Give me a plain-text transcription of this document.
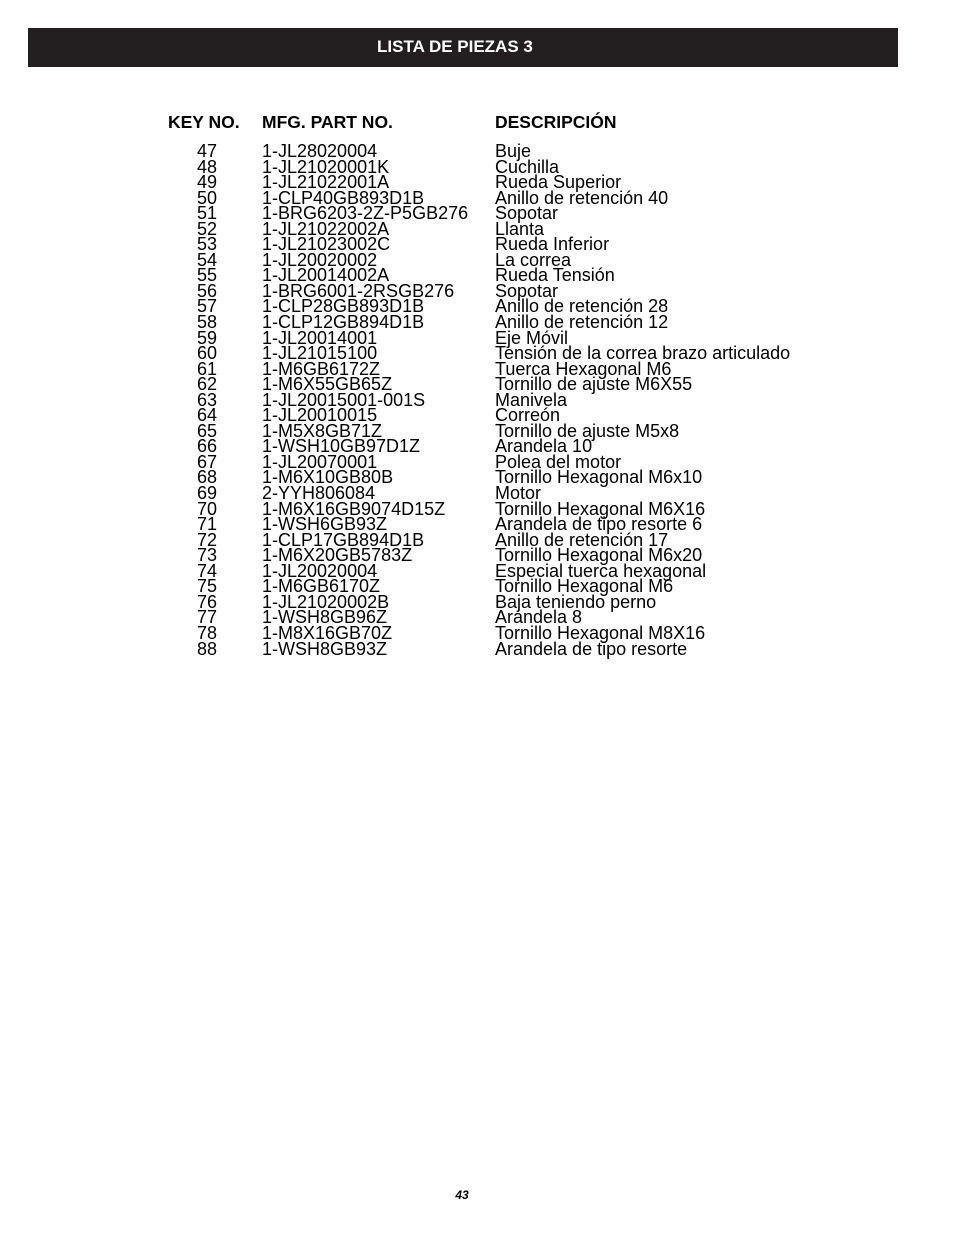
LISTA DE PIEZAS 3
KEY NO. MFG. PART NO.	DESCRIPCIÓN
47	1-JL28020004	Buje
48	1-JL21020001K	Cuchilla
49	1-JL21022001A	Rueda Superior
50	1-CLP40GB893D1B	Anillo de retención 40
51	1-BRG6203-2Z-P5GB276 Sopotar
52	1-JL21022002A	Llanta
53	1-JL21023002C	Rueda Inferior
54	1-JL20020002	La correa
55	1-JL20014002A	Rueda Tensión
56	1-BRG6001-2RSGB276 Sopotar
57	1-CLP28GB893D1B	Anillo de retención 28
58	1-CLP12GB894D1B	Anillo de retención 12
59	1-JL20014001	Eje Móvil
60	1-JL21015100	Tensión de la correa brazo articulado
61	1-M6GB6172Z	Tuerca Hexagonal M6
62	1-M6X55GB65Z	Tornillo de ajuste M6X55
63	1-JL20015001-001S	Manivela
64	1-JL20010015	Correón
65	1-M5X8GB71Z	Tornillo de ajuste M5x8
66	1-WSH10GB97D1Z	Arandela 10
67	1-JL20070001	Polea del motor
68	1-M6X10GB80B	Tornillo Hexagonal M6x10
69	2-YYH806084	Motor
70	1-M6X16GB9074D15Z	Tornillo Hexagonal M6X16
71	1-WSH6GB93Z	Arandela de tipo resorte 6
72	1-CLP17GB894D1B	Anillo de retención 17
73	1-M6X20GB5783Z	Tornillo Hexagonal M6x20
74	1-JL20020004	Especial tuerca hexagonal
75	1-M6GB6170Z	Tornillo Hexagonal M6
76	1-JL21020002B	Baja teniendo perno
77	1-WSH8GB96Z	Arandela 8
78	1-M8X16GB70Z	Tornillo Hexagonal M8X16
88	1-WSH8GB93Z	Arandela de tipo resorte
43
